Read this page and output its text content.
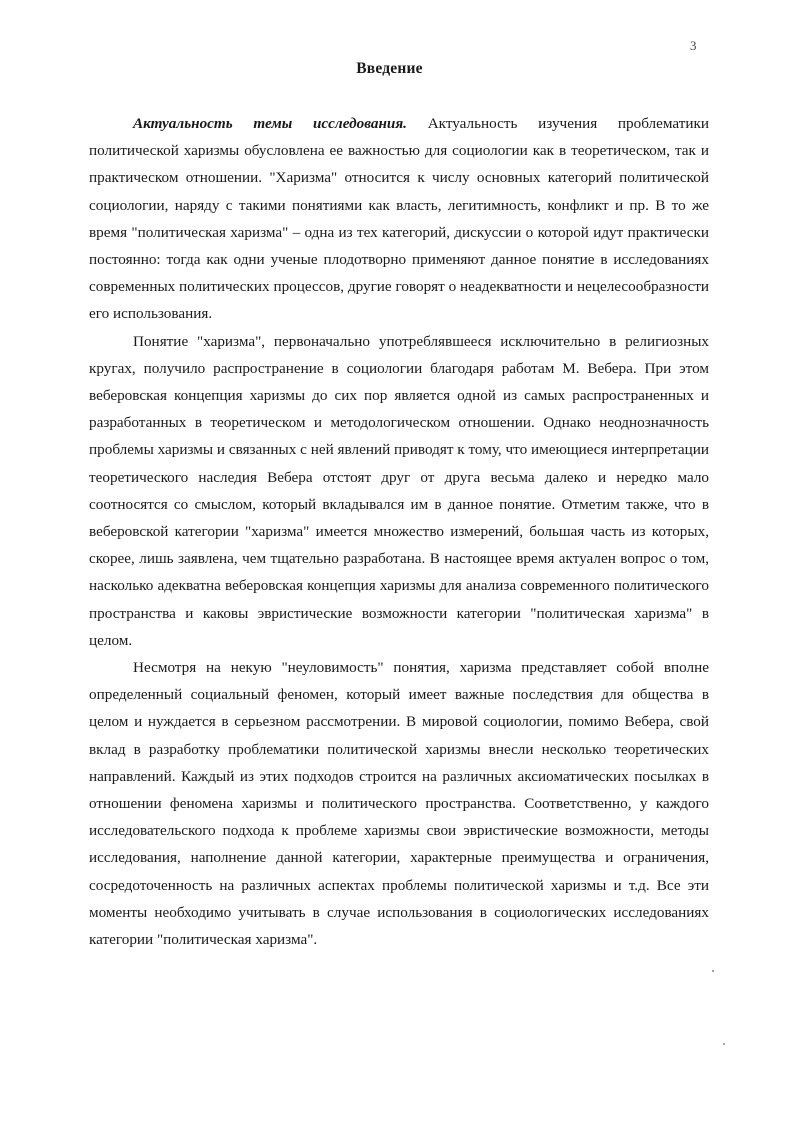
3
Введение

Актуальность темы исследования. Актуальность изучения проблематики политической харизмы обусловлена ее важностью для социологии как в теоретическом, так и практическом отношении. "Харизма" относится к числу основных категорий политической социологии, наряду с такими понятиями как власть, легитимность, конфликт и пр. В то же время "политическая харизма" – одна из тех категорий, дискуссии о которой идут практически постоянно: тогда как одни ученые плодотворно применяют данное понятие в исследованиях современных политических процессов, другие говорят о неадекватности и нецелесообразности его использования.

Понятие "харизма", первоначально употреблявшееся исключительно в религиозных кругах, получило распространение в социологии благодаря работам М. Вебера. При этом веберовская концепция харизмы до сих пор является одной из самых распространенных и разработанных в теоретическом и методологическом отношении. Однако неоднозначность проблемы харизмы и связанных с ней явлений приводят к тому, что имеющиеся интерпретации теоретического наследия Вебера отстоят друг от друга весьма далеко и нередко мало соотносятся со смыслом, который вкладывался им в данное понятие. Отметим также, что в веберовской категории "харизма" имеется множество измерений, большая часть из которых, скорее, лишь заявлена, чем тщательно разработана. В настоящее время актуален вопрос о том, насколько адекватна веберовская концепция харизмы для анализа современного политического пространства и каковы эвристические возможности категории "политическая харизма" в целом.

Несмотря на некую "неуловимость" понятия, харизма представляет собой вполне определенный социальный феномен, который имеет важные последствия для общества в целом и нуждается в серьезном рассмотрении. В мировой социологии, помимо Вебера, свой вклад в разработку проблематики политической харизмы внесли несколько теоретических направлений. Каждый из этих подходов строится на различных аксиоматических посылках в отношении феномена харизмы и политического пространства. Соответственно, у каждого исследовательского подхода к проблеме харизмы свои эвристические возможности, методы исследования, наполнение данной категории, характерные преимущества и ограничения, сосредоточенность на различных аспектах проблемы политической харизмы и т.д. Все эти моменты необходимо учитывать в случае использования в социологических исследованиях категории "политическая харизма".
